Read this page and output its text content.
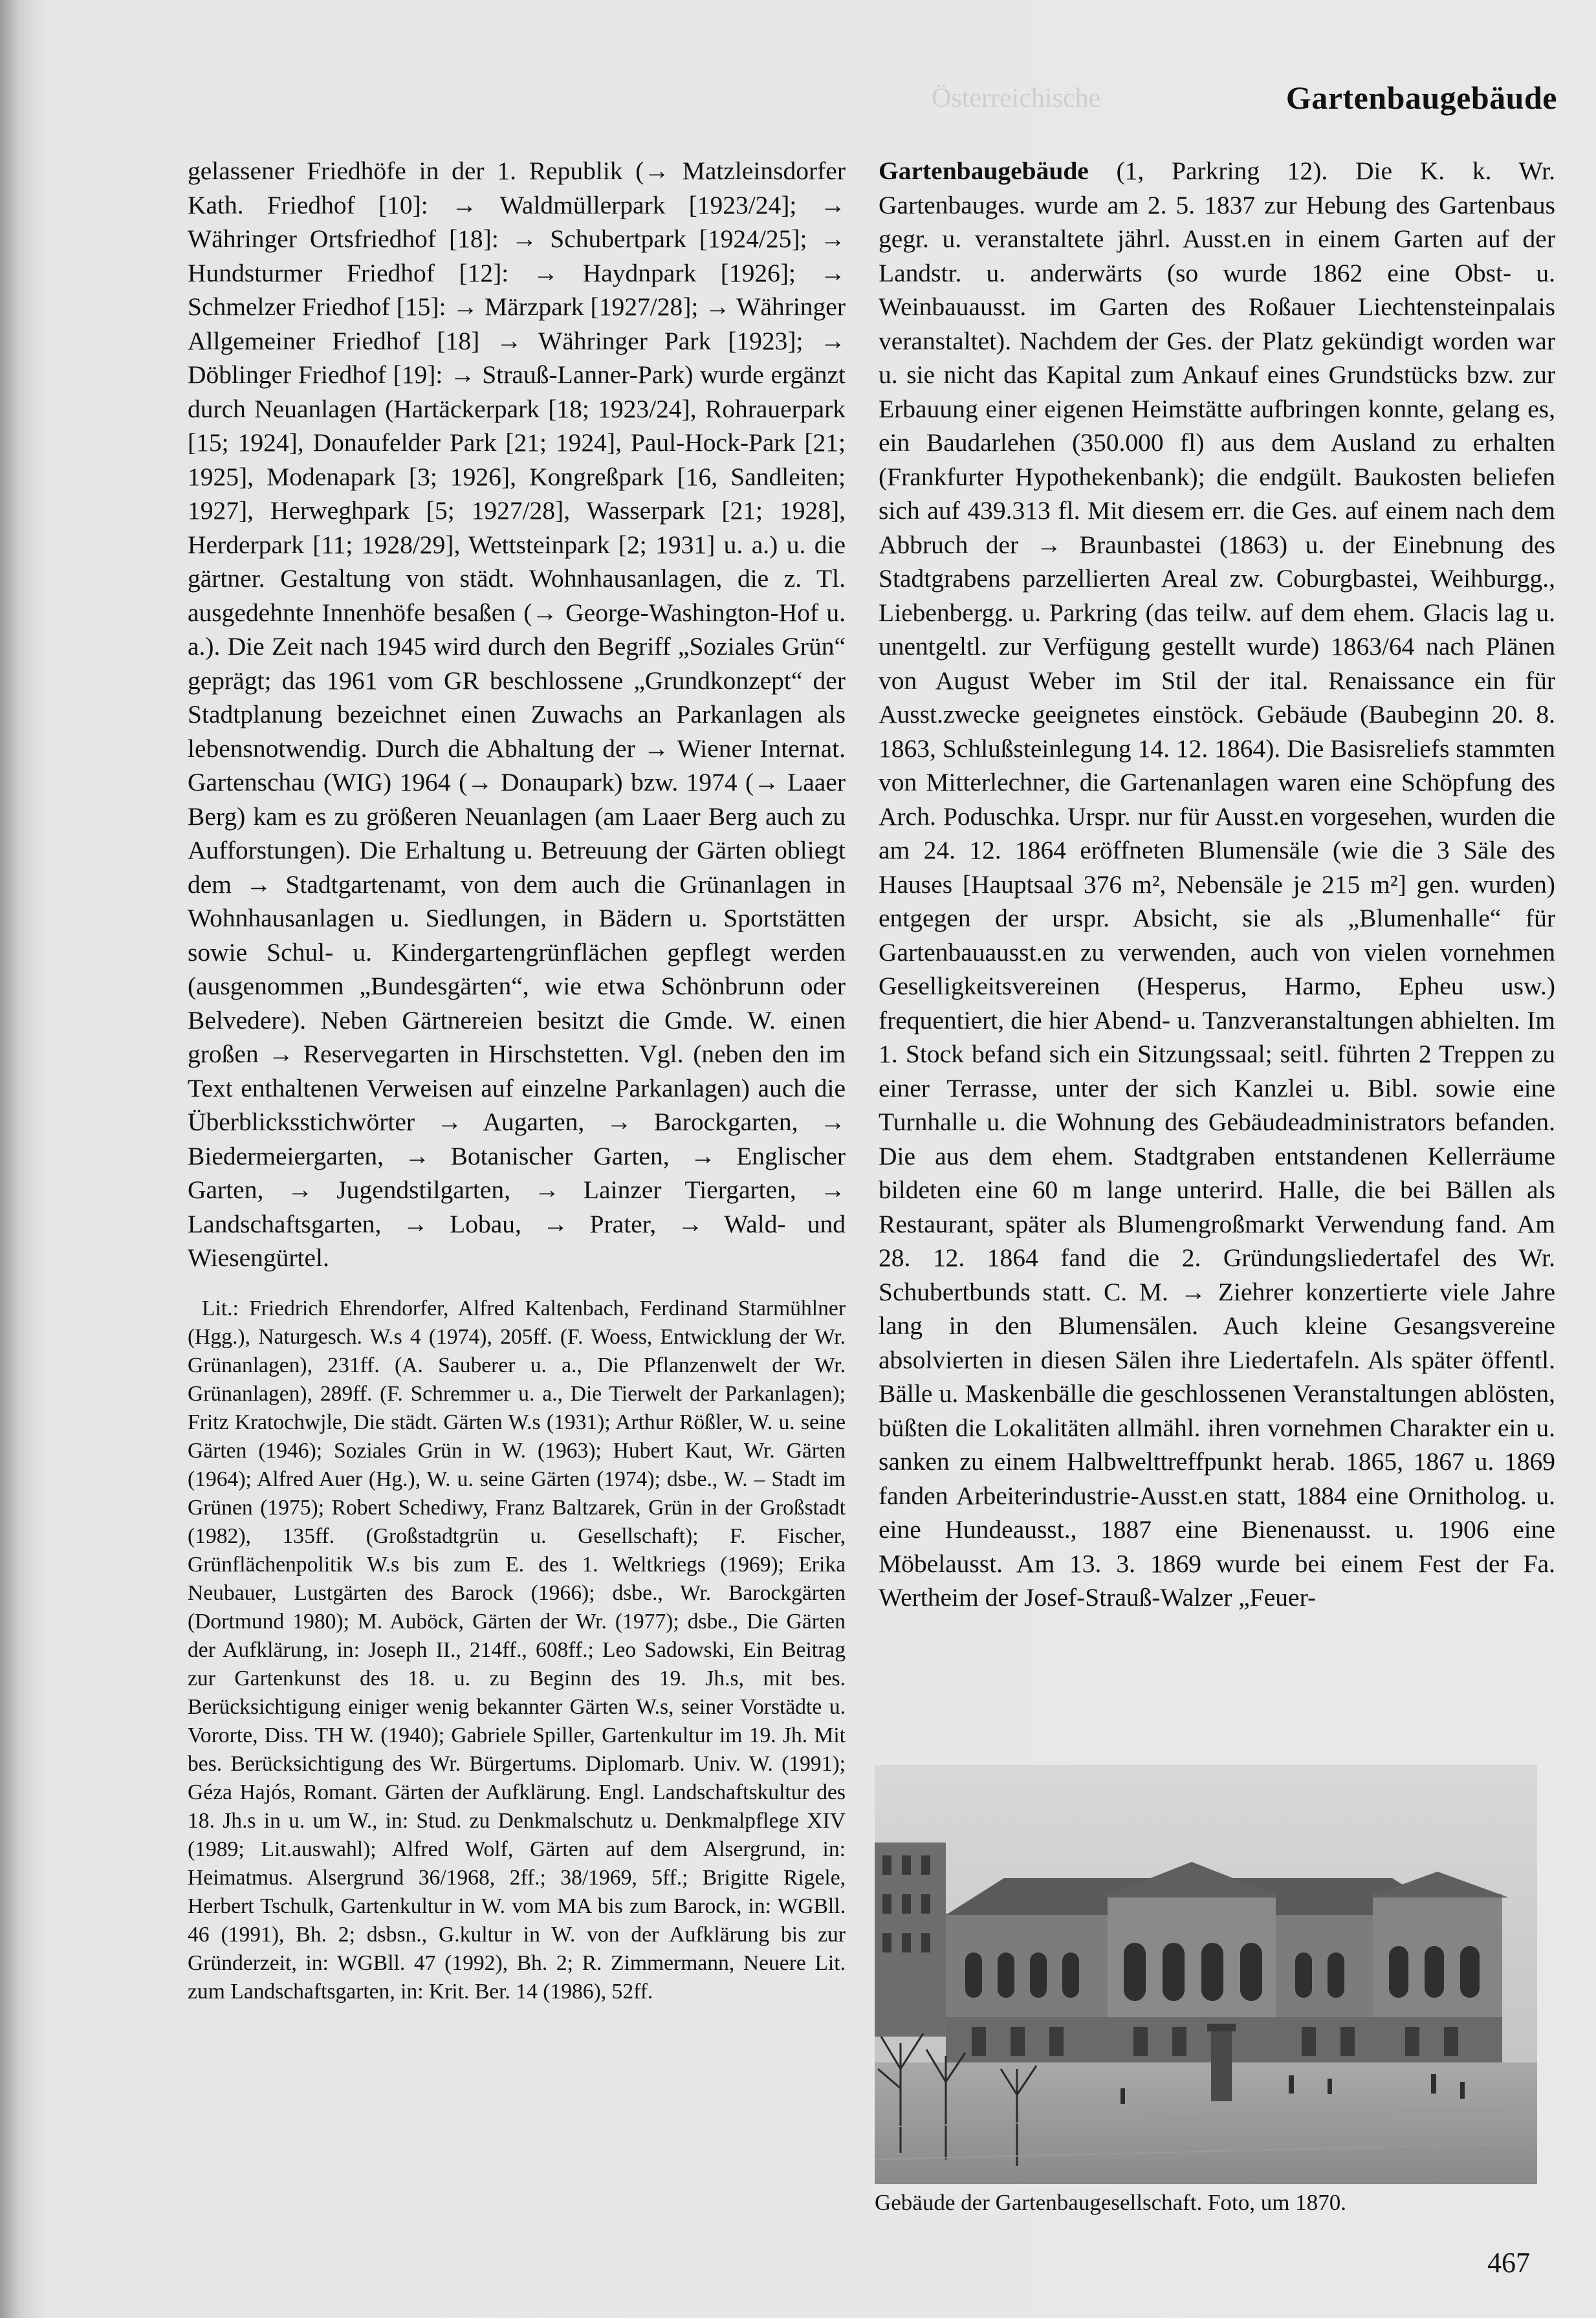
Österreichische	Gartenbaugebäude

gelassener Friedhöfe in der 1. Republik (→ Matzleinsdorfer Kath. Friedhof [10]: → Waldmüllerpark [1923/24]; → Währinger Ortsfriedhof [18]: → Schubertpark [1924/25]; → Hundsturmer Friedhof [12]: → Haydnpark [1926]; → Schmelzer Friedhof [15]: → Märzpark [1927/28]; → Währinger Allgemeiner Friedhof [18] → Währinger Park [1923]; → Döblinger Friedhof [19]: → Strauß-Lanner-Park) wurde ergänzt durch Neuanlagen (Hartäckerpark [18; 1923/24], Rohrauerpark [15; 1924], Donaufelder Park [21; 1924], Paul-Hock-Park [21; 1925], Modenapark [3; 1926], Kongreßpark [16, Sandleiten; 1927], Herweghpark [5; 1927/28], Wasserpark [21; 1928], Herderpark [11; 1928/29], Wettsteinpark [2; 1931] u. a.) u. die gärtner. Gestaltung von städt. Wohnhausanlagen, die z. Tl. ausgedehnte Innenhöfe besaßen (→ George-Washington-Hof u. a.). Die Zeit nach 1945 wird durch den Begriff „Soziales Grün“ geprägt; das 1961 vom GR beschlossene „Grundkonzept“ der Stadtplanung bezeichnet einen Zuwachs an Parkanlagen als lebensnotwendig. Durch die Abhaltung der → Wiener Internat. Gartenschau (WIG) 1964 (→ Donaupark) bzw. 1974 (→ Laaer Berg) kam es zu größeren Neuanlagen (am Laaer Berg auch zu Aufforstungen). Die Erhaltung u. Betreuung der Gärten obliegt dem → Stadtgartenamt, von dem auch die Grünanlagen in Wohnhausanlagen u. Siedlungen, in Bädern u. Sportstätten sowie Schul- u. Kindergartengrünflächen gepflegt werden (ausgenommen „Bundesgärten“, wie etwa Schönbrunn oder Belvedere). Neben Gärtnereien besitzt die Gmde. W. einen großen → Reservegarten in Hirschstetten. Vgl. (neben den im Text enthaltenen Verweisen auf einzelne Parkanlagen) auch die Überblicksstichwörter → Augarten, → Barockgarten, → Biedermeiergarten, → Botanischer Garten, → Englischer Garten, → Jugendstilgarten, → Lainzer Tiergarten, → Landschaftsgarten, → Lobau, → Prater, → Wald- und Wiesengürtel.

Lit.: Friedrich Ehrendorfer, Alfred Kaltenbach, Ferdinand Starmühlner (Hgg.), Naturgesch. W.s 4 (1974), 205ff. (F. Woess, Entwicklung der Wr. Grünanlagen), 231ff. (A. Sauberer u. a., Die Pflanzenwelt der Wr. Grünanlagen), 289ff. (F. Schremmer u. a., Die Tierwelt der Parkanlagen); Fritz Kratochwjle, Die städt. Gärten W.s (1931); Arthur Rößler, W. u. seine Gärten (1946); Soziales Grün in W. (1963); Hubert Kaut, Wr. Gärten (1964); Alfred Auer (Hg.), W. u. seine Gärten (1974); dsbe., W. – Stadt im Grünen (1975); Robert Schediwy, Franz Baltzarek, Grün in der Großstadt (1982), 135ff. (Großstadtgrün u. Gesellschaft); F. Fischer, Grünflächenpolitik W.s bis zum E. des 1. Weltkriegs (1969); Erika Neubauer, Lustgärten des Barock (1966); dsbe., Wr. Barockgärten (Dortmund 1980); M. Auböck, Gärten der Wr. (1977); dsbe., Die Gärten der Aufklärung, in: Joseph II., 214ff., 608ff.; Leo Sadowski, Ein Beitrag zur Gartenkunst des 18. u. zu Beginn des 19. Jh.s, mit bes. Berücksichtigung einiger wenig bekannter Gärten W.s, seiner Vorstädte u. Vororte, Diss. TH W. (1940); Gabriele Spiller, Gartenkultur im 19. Jh. Mit bes. Berücksichtigung des Wr. Bürgertums. Diplomarb. Univ. W. (1991); Géza Hajós, Romant. Gärten der Aufklärung. Engl. Landschaftskultur des 18. Jh.s in u. um W., in: Stud. zu Denkmalschutz u. Denkmalpflege XIV (1989; Lit.auswahl); Alfred Wolf, Gärten auf dem Alsergrund, in: Heimatmus. Alsergrund 36/1968, 2ff.; 38/1969, 5ff.; Brigitte Rigele, Herbert Tschulk, Gartenkultur in W. vom MA bis zum Barock, in: WGBll. 46 (1991), Bh. 2; dsbsn., G.kultur in W. von der Aufklärung bis zur Gründerzeit, in: WGBll. 47 (1992), Bh. 2; R. Zimmermann, Neuere Lit. zum Landschaftsgarten, in: Krit. Ber. 14 (1986), 52ff.

Gartenbaugebäude (1, Parkring 12). Die K. k. Wr. Gartenbauges. wurde am 2. 5. 1837 zur Hebung des Gartenbaus gegr. u. veranstaltete jährl. Ausst.en in einem Garten auf der Landstr. u. anderwärts (so wurde 1862 eine Obst- u. Weinbauausst. im Garten des Roßauer Liechtensteinpalais veranstaltet). Nachdem der Ges. der Platz gekündigt worden war u. sie nicht das Kapital zum Ankauf eines Grundstücks bzw. zur Erbauung einer eigenen Heimstätte aufbringen konnte, gelang es, ein Baudarlehen (350.000 fl) aus dem Ausland zu erhalten (Frankfurter Hypothekenbank); die endgült. Baukosten beliefen sich auf 439.313 fl. Mit diesem err. die Ges. auf einem nach dem Abbruch der → Braunbastei (1863) u. der Einebnung des Stadtgrabens parzellierten Areal zw. Coburgbastei, Weihburgg., Liebenbergg. u. Parkring (das teilw. auf dem ehem. Glacis lag u. unentgeltl. zur Verfügung gestellt wurde) 1863/64 nach Plänen von August Weber im Stil der ital. Renaissance ein für Ausst.zwecke geeignetes einstöck. Gebäude (Baubeginn 20. 8. 1863, Schlußsteinlegung 14. 12. 1864). Die Basisreliefs stammten von Mitterlechner, die Gartenanlagen waren eine Schöpfung des Arch. Poduschka. Urspr. nur für Ausst.en vorgesehen, wurden die am 24. 12. 1864 eröffneten Blumensäle (wie die 3 Säle des Hauses [Hauptsaal 376 m², Nebensäle je 215 m²] gen. wurden) entgegen der urspr. Absicht, sie als „Blumenhalle“ für Gartenbauausst.en zu verwenden, auch von vielen vornehmen Geselligkeitsvereinen (Hesperus, Harmo, Epheu usw.) frequentiert, die hier Abend- u. Tanzveranstaltungen abhielten. Im 1. Stock befand sich ein Sitzungssaal; seitl. führten 2 Treppen zu einer Terrasse, unter der sich Kanzlei u. Bibl. sowie eine Turnhalle u. die Wohnung des Gebäudeadministrators befanden. Die aus dem ehem. Stadtgraben entstandenen Kellerräume bildeten eine 60 m lange unterird. Halle, die bei Bällen als Restaurant, später als Blumengroßmarkt Verwendung fand. Am 28. 12. 1864 fand die 2. Gründungsliedertafel des Wr. Schubertbunds statt. C. M. → Ziehrer konzertierte viele Jahre lang in den Blumensälen. Auch kleine Gesangsvereine absolvierten in diesen Sälen ihre Liedertafeln. Als später öffentl. Bälle u. Maskenbälle die geschlossenen Veranstaltungen ablösten, büßten die Lokalitäten allmähl. ihren vornehmen Charakter ein u. sanken zu einem Halbwelttreffpunkt herab. 1865, 1867 u. 1869 fanden Arbeiterindustrie-Ausst.en statt, 1884 eine Ornitholog. u. eine Hundeausst., 1887 eine Bienenausst. u. 1906 eine Möbelausst. Am 13. 3. 1869 wurde bei einem Fest der Fa. Wertheim der Josef-Strauß-Walzer „Feuer-

Gebäude der Gartenbaugesellschaft. Foto, um 1870.
467
